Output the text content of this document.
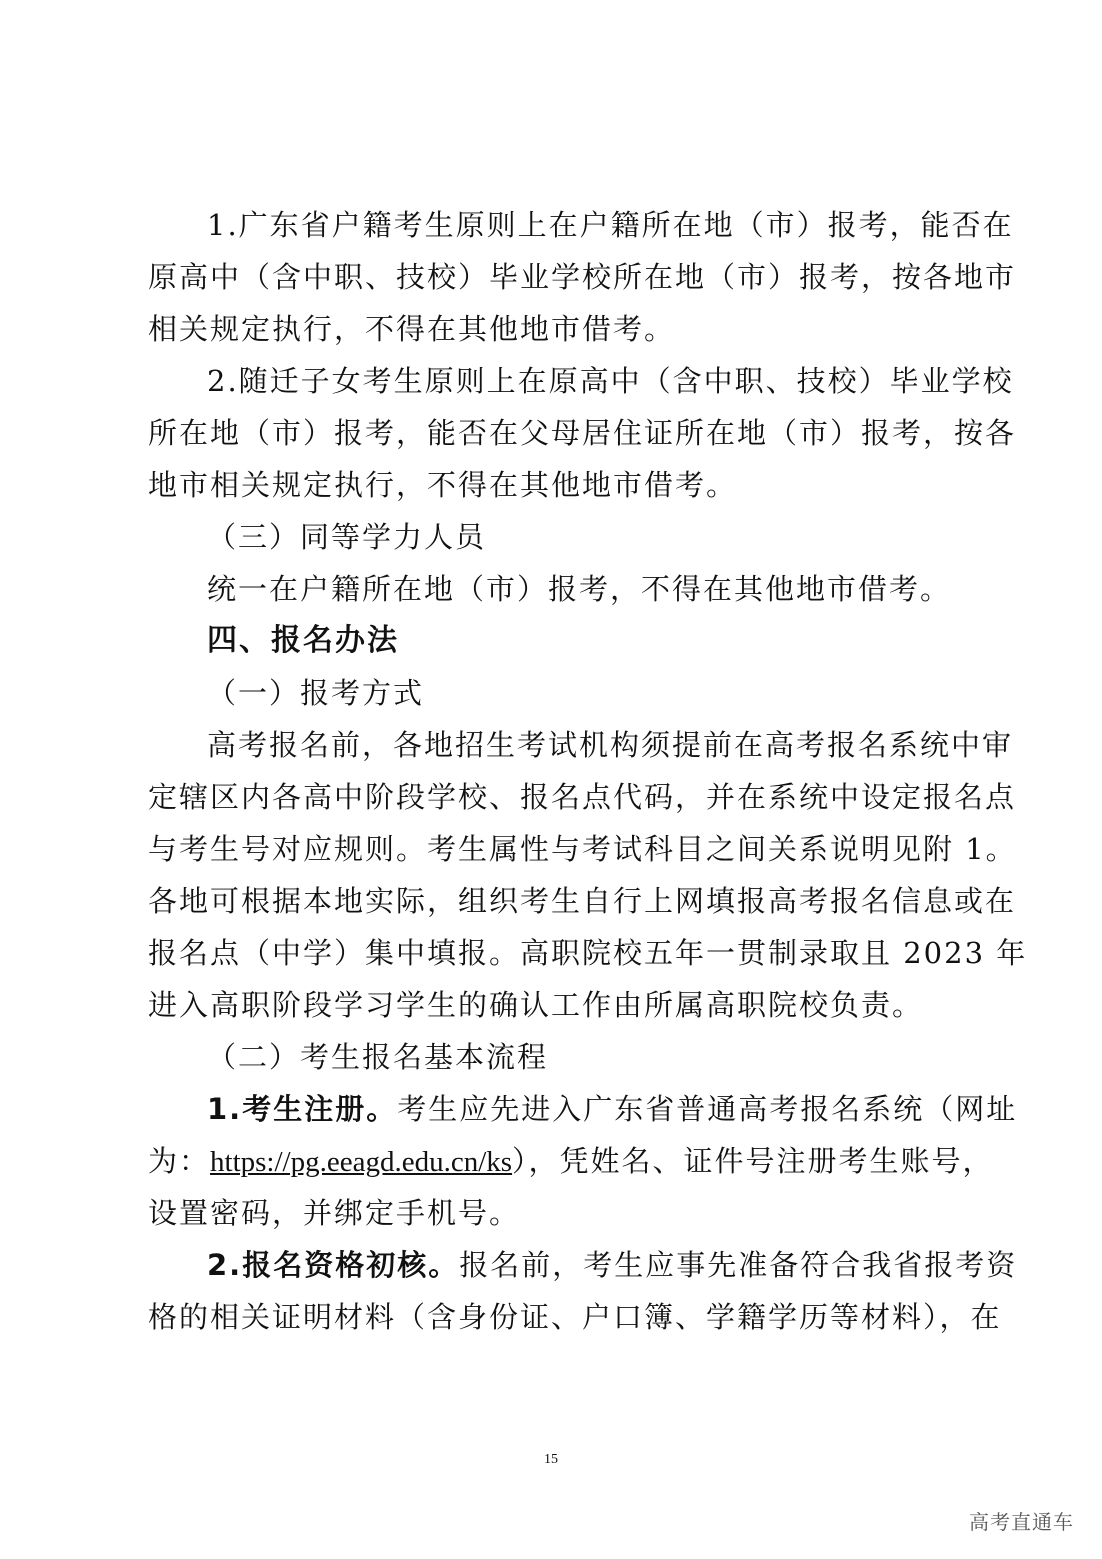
1.广东省户籍考生原则上在户籍所在地（市）报考，能否在
原高中（含中职、技校）毕业学校所在地（市）报考，按各地市
相关规定执行，不得在其他地市借考。
2.随迁子女考生原则上在原高中（含中职、技校）毕业学校
所在地（市）报考，能否在父母居住证所在地（市）报考，按各
地市相关规定执行，不得在其他地市借考。
（三）同等学力人员
统一在户籍所在地（市）报考，不得在其他地市借考。
四、报名办法
（一）报考方式
高考报名前，各地招生考试机构须提前在高考报名系统中审
定辖区内各高中阶段学校、报名点代码，并在系统中设定报名点
与考生号对应规则。考生属性与考试科目之间关系说明见附 1。
各地可根据本地实际，组织考生自行上网填报高考报名信息或在
报名点（中学）集中填报。高职院校五年一贯制录取且 2023 年
进入高职阶段学习学生的确认工作由所属高职院校负责。
（二）考生报名基本流程
1.考生注册。考生应先进入广东省普通高考报名系统（网址
为：https://pg.eeagd.edu.cn/ks），凭姓名、证件号注册考生账号，
设置密码，并绑定手机号。
2.报名资格初核。报名前，考生应事先准备符合我省报考资
格的相关证明材料（含身份证、户口簿、学籍学历等材料），在
15
高考直通车
